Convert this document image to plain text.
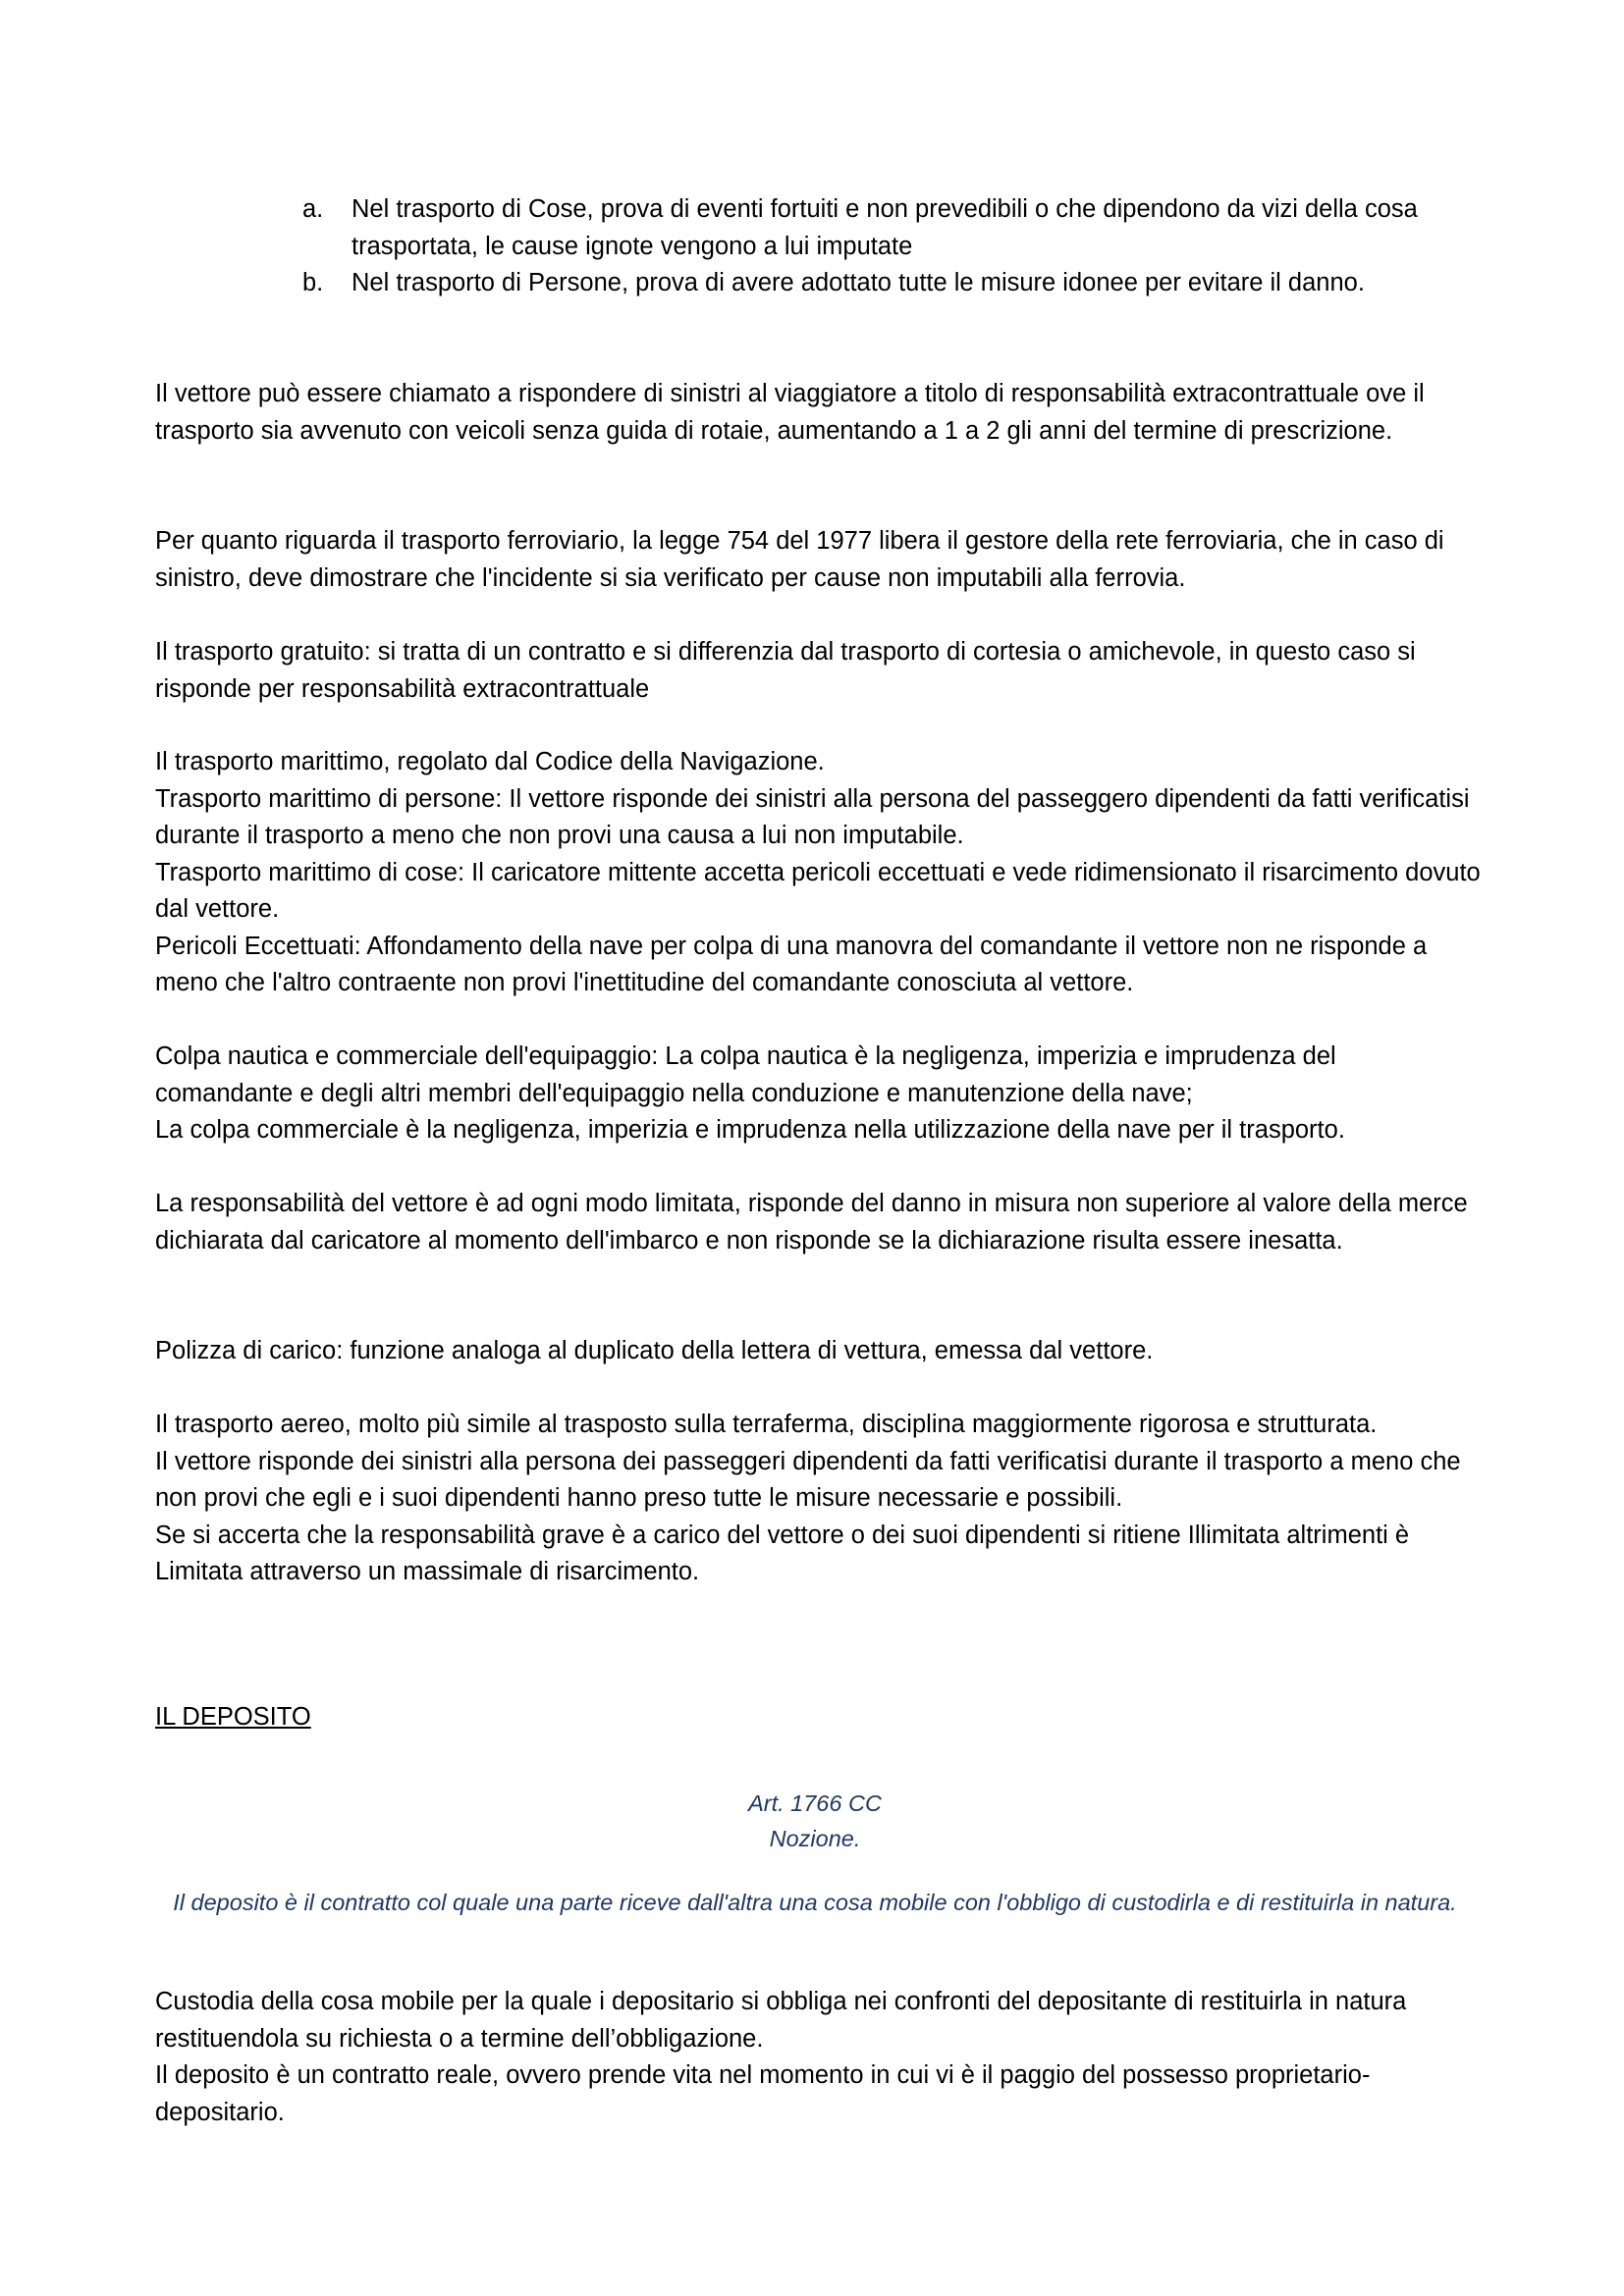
a. Nel trasporto di Cose, prova di eventi fortuiti e non prevedibili o che dipendono da vizi della cosa trasportata, le cause ignote vengono a lui imputate
b. Nel trasporto di Persone, prova di avere adottato tutte le misure idonee per evitare il danno.

Il vettore può essere chiamato a rispondere di sinistri al viaggiatore a titolo di responsabilità extracontrattuale ove il trasporto sia avvenuto con veicoli senza guida di rotaie, aumentando a 1 a 2 gli anni del termine di prescrizione.

Per quanto riguarda il trasporto ferroviario, la legge 754 del 1977 libera il gestore della rete ferroviaria, che in caso di sinistro, deve dimostrare che l'incidente si sia verificato per cause non imputabili alla ferrovia.

Il trasporto gratuito: si tratta di un contratto e si differenzia dal trasporto di cortesia o amichevole, in questo caso si risponde per responsabilità extracontrattuale

Il trasporto marittimo, regolato dal Codice della Navigazione.

Trasporto marittimo di persone: Il vettore risponde dei sinistri alla persona del passeggero dipendenti da fatti verificatisi durante il trasporto a meno che non provi una causa a lui non imputabile.

Trasporto marittimo di cose: Il caricatore mittente accetta pericoli eccettuati e vede ridimensionato il risarcimento dovuto dal vettore.

Pericoli Eccettuati: Affondamento della nave per colpa di una manovra del comandante il vettore non ne risponde a meno che l'altro contraente non provi l'inettitudine del comandante conosciuta al vettore.

Colpa nautica e commerciale dell'equipaggio: La colpa nautica è la negligenza, imperizia e imprudenza del comandante e degli altri membri dell'equipaggio nella conduzione e manutenzione della nave;

La colpa commerciale è la negligenza, imperizia e imprudenza nella utilizzazione della nave per il trasporto.

La responsabilità del vettore è ad ogni modo limitata, risponde del danno in misura non superiore al valore della merce dichiarata dal caricatore al momento dell'imbarco e non risponde se la dichiarazione risulta essere inesatta.

Polizza di carico: funzione analoga al duplicato della lettera di vettura, emessa dal vettore.

Il trasporto aereo, molto più simile al trasposto sulla terraferma, disciplina maggiormente rigorosa e strutturata.

Il vettore risponde dei sinistri alla persona dei passeggeri dipendenti da fatti verificatisi durante il trasporto a meno che non provi che egli e i suoi dipendenti hanno preso tutte le misure necessarie e possibili.

Se si accerta che la responsabilità grave è a carico del vettore o dei suoi dipendenti si ritiene Illimitata altrimenti è Limitata attraverso un massimale di risarcimento.

IL DEPOSITO
Art. 1766 CC
Nozione.
Il deposito è il contratto col quale una parte riceve dall'altra una cosa mobile con l'obbligo di custodirla e di restituirla in natura.

Custodia della cosa mobile per la quale i depositario si obbliga nei confronti del depositante di restituirla in natura restituendola su richiesta o a termine dell’obbligazione.

Il deposito è un contratto reale, ovvero prende vita nel momento in cui vi è il paggio del possesso proprietario-depositario.
